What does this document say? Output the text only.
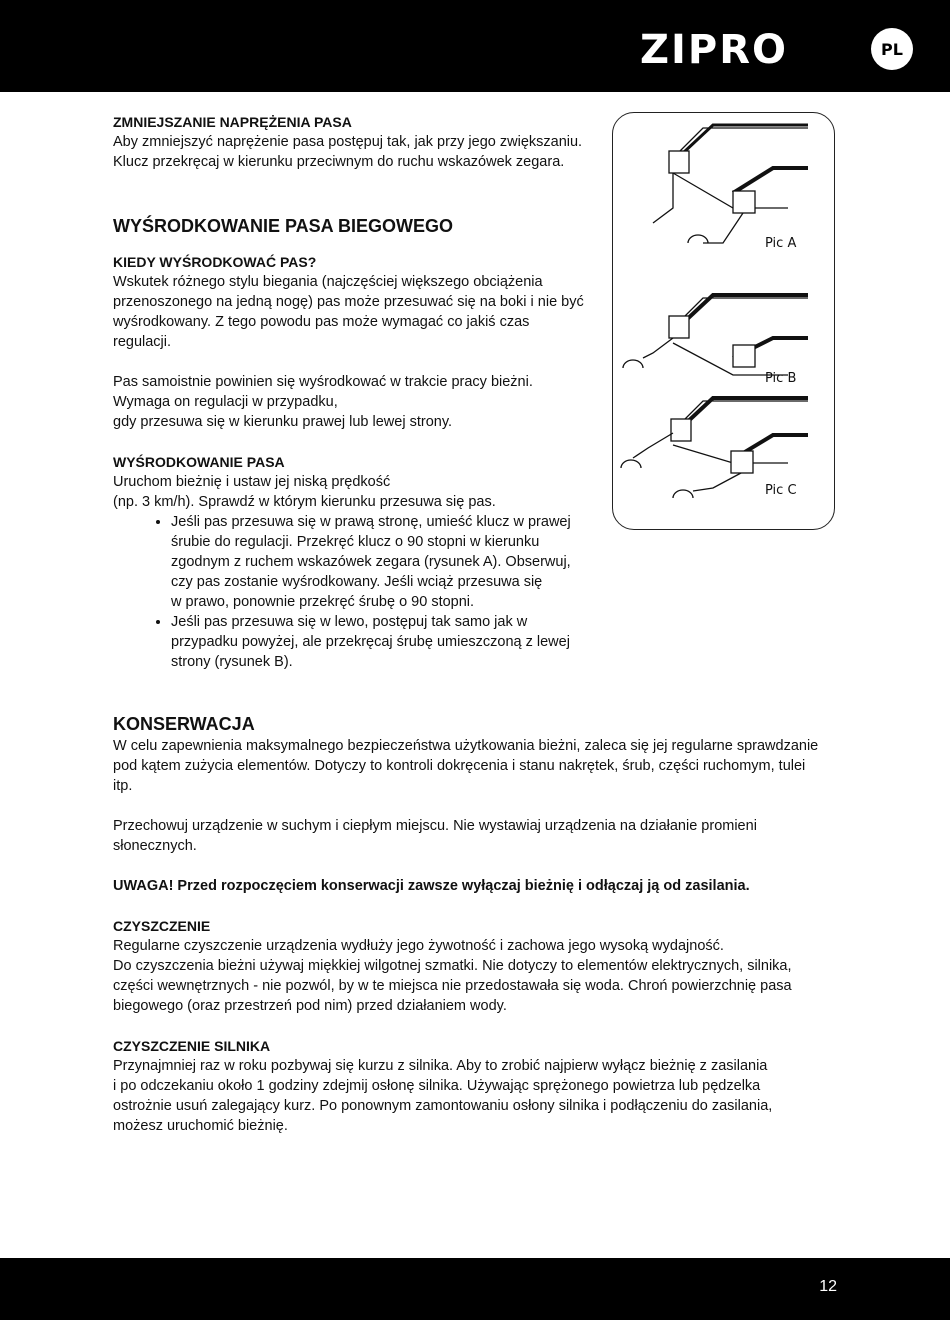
ZIPRO	PL
Pic A
Pic B
Pic C

ZMNIEJSZANIE NAPRĘŻENIA PASA

Aby zmniejszyć naprężenie pasa postępuj tak, jak przy jego zwiększaniu.

Klucz przekręcaj w kierunku przeciwnym do ruchu wskazówek zegara.

WYŚRODKOWANIE PASA BIEGOWEGO

KIEDY WYŚRODKOWAĆ PAS?

Wskutek różnego stylu biegania (najczęściej większego obciążenia

przenoszonego na jedną nogę) pas może przesuwać się na boki i nie być

wyśrodkowany. Z tego powodu pas może wymagać co jakiś czas

regulacji.

Pas samoistnie powinien się wyśrodkować w trakcie pracy bieżni.

Wymaga on regulacji w przypadku,

gdy przesuwa się w kierunku prawej lub lewej strony.

WYŚRODKOWANIE PASA

Uruchom bieżnię i ustaw jej niską prędkość

(np. 3 km/h). Sprawdź w którym kierunku przesuwa się pas.

• Jeśli pas przesuwa się w prawą stronę, umieść klucz w prawej
śrubie do regulacji. Przekręć klucz o 90 stopni w kierunku
zgodnym z ruchem wskazówek zegara (rysunek A). Obserwuj,
czy pas zostanie wyśrodkowany. Jeśli wciąż przesuwa się
w prawo, ponownie przekręć śrubę o 90 stopni.
• Jeśli pas przesuwa się w lewo, postępuj tak samo jak w
przypadku powyżej, ale przekręcaj śrubę umieszczoną z lewej
strony (rysunek B).

KONSERWACJA

W celu zapewnienia maksymalnego bezpieczeństwa użytkowania bieżni, zaleca się jej regularne sprawdzanie

pod kątem zużycia elementów. Dotyczy to kontroli dokręcenia i stanu nakrętek, śrub, części ruchomym, tulei

itp.

Przechowuj urządzenie w suchym i ciepłym miejscu. Nie wystawiaj urządzenia na działanie promieni

słonecznych.

UWAGA! Przed rozpoczęciem konserwacji zawsze wyłączaj bieżnię i odłączaj ją od zasilania.

CZYSZCZENIE

Regularne czyszczenie urządzenia wydłuży jego żywotność i zachowa jego wysoką wydajność.

Do czyszczenia bieżni używaj miękkiej wilgotnej szmatki. Nie dotyczy to elementów elektrycznych, silnika,

części wewnętrznych - nie pozwól, by w te miejsca nie przedostawała się woda. Chroń powierzchnię pasa

biegowego (oraz przestrzeń pod nim) przed działaniem wody.

CZYSZCZENIE SILNIKA

Przynajmniej raz w roku pozbywaj się kurzu z silnika. Aby to zrobić najpierw wyłącz bieżnię z zasilania

i po odczekaniu około 1 godziny zdejmij osłonę silnika. Używając sprężonego powietrza lub pędzelka

ostrożnie usuń zalegający kurz. Po ponownym zamontowaniu osłony silnika i podłączeniu do zasilania,

możesz uruchomić bieżnię.

12
